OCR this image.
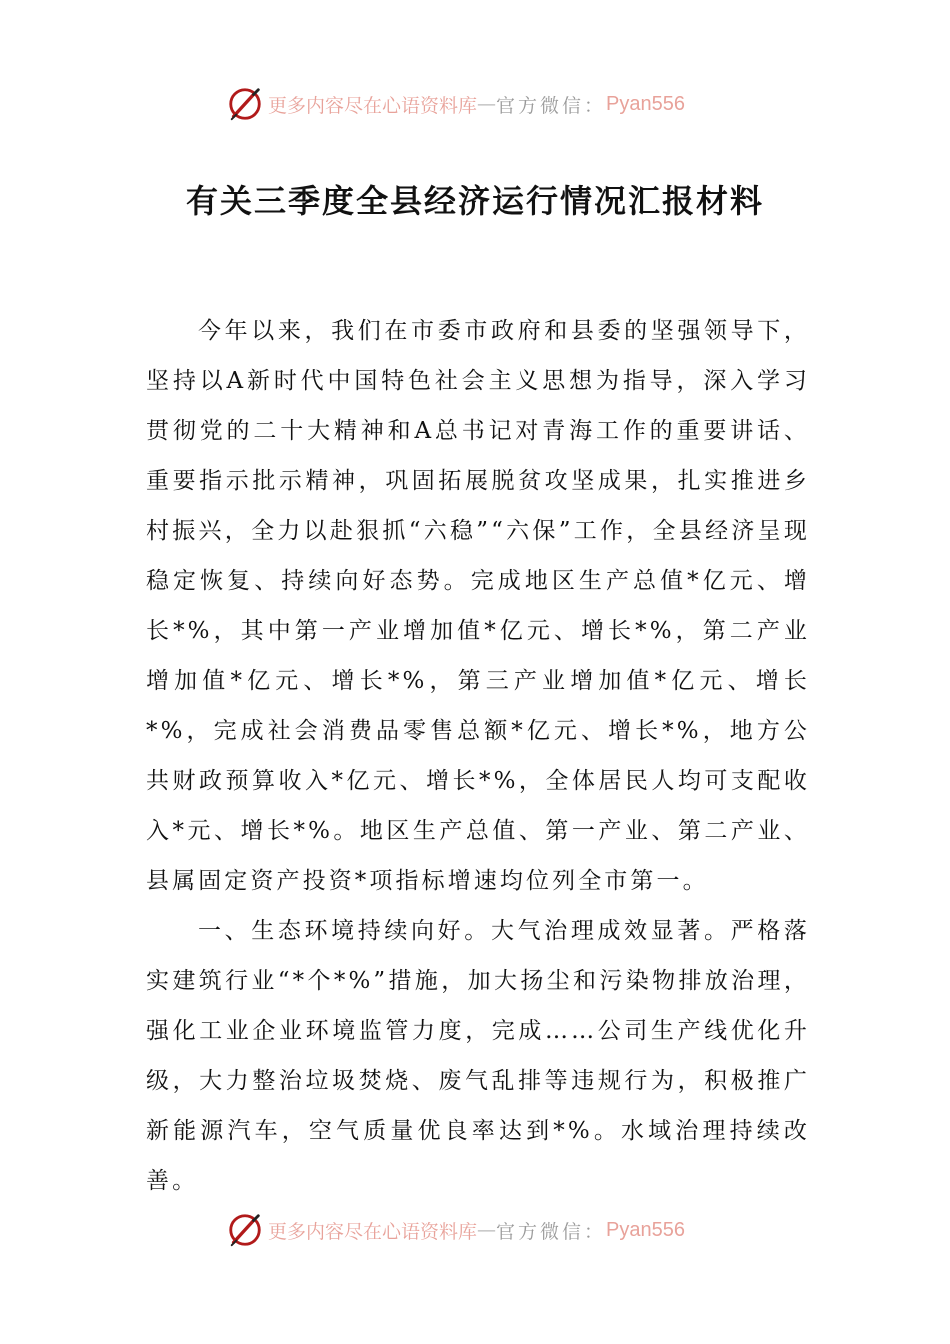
更多内容尽在心语资料库 — 官方微信： Pyan556
有关三季度全县经济运行情况汇报材料

今年以来，我们在市委市政府和县委的坚强领导下，坚持以A新时代中国特色社会主义思想为指导，深入学习贯彻党的二十大精神和A总书记对青海工作的重要讲话、重要指示批示精神，巩固拓展脱贫攻坚成果，扎实推进乡村振兴，全力以赴狠抓“六稳”“六保”工作，全县经济呈现稳定恢复、持续向好态势。完成地区生产总值*亿元、增长*%，其中第一产业增加值*亿元、增长*%，第二产业增加值*亿元、增长*%，第三产业增加值*亿元、增长*%，完成社会消费品零售总额*亿元、增长*%，地方公共财政预算收入*亿元、增长*%，全体居民人均可支配收入*元、增长*%。地区生产总值、第一产业、第二产业、县属固定资产投资*项指标增速均位列全市第一。

一、生态环境持续向好。大气治理成效显著。严格落实建筑行业“*个*%”措施，加大扬尘和污染物排放治理，强化工业企业环境监管力度，完成……公司生产线优化升级，大力整治垃圾焚烧、废气乱排等违规行为，积极推广新能源汽车，空气质量优良率达到*%。水域治理持续改善。

更多内容尽在心语资料库 — 官方微信： Pyan556
